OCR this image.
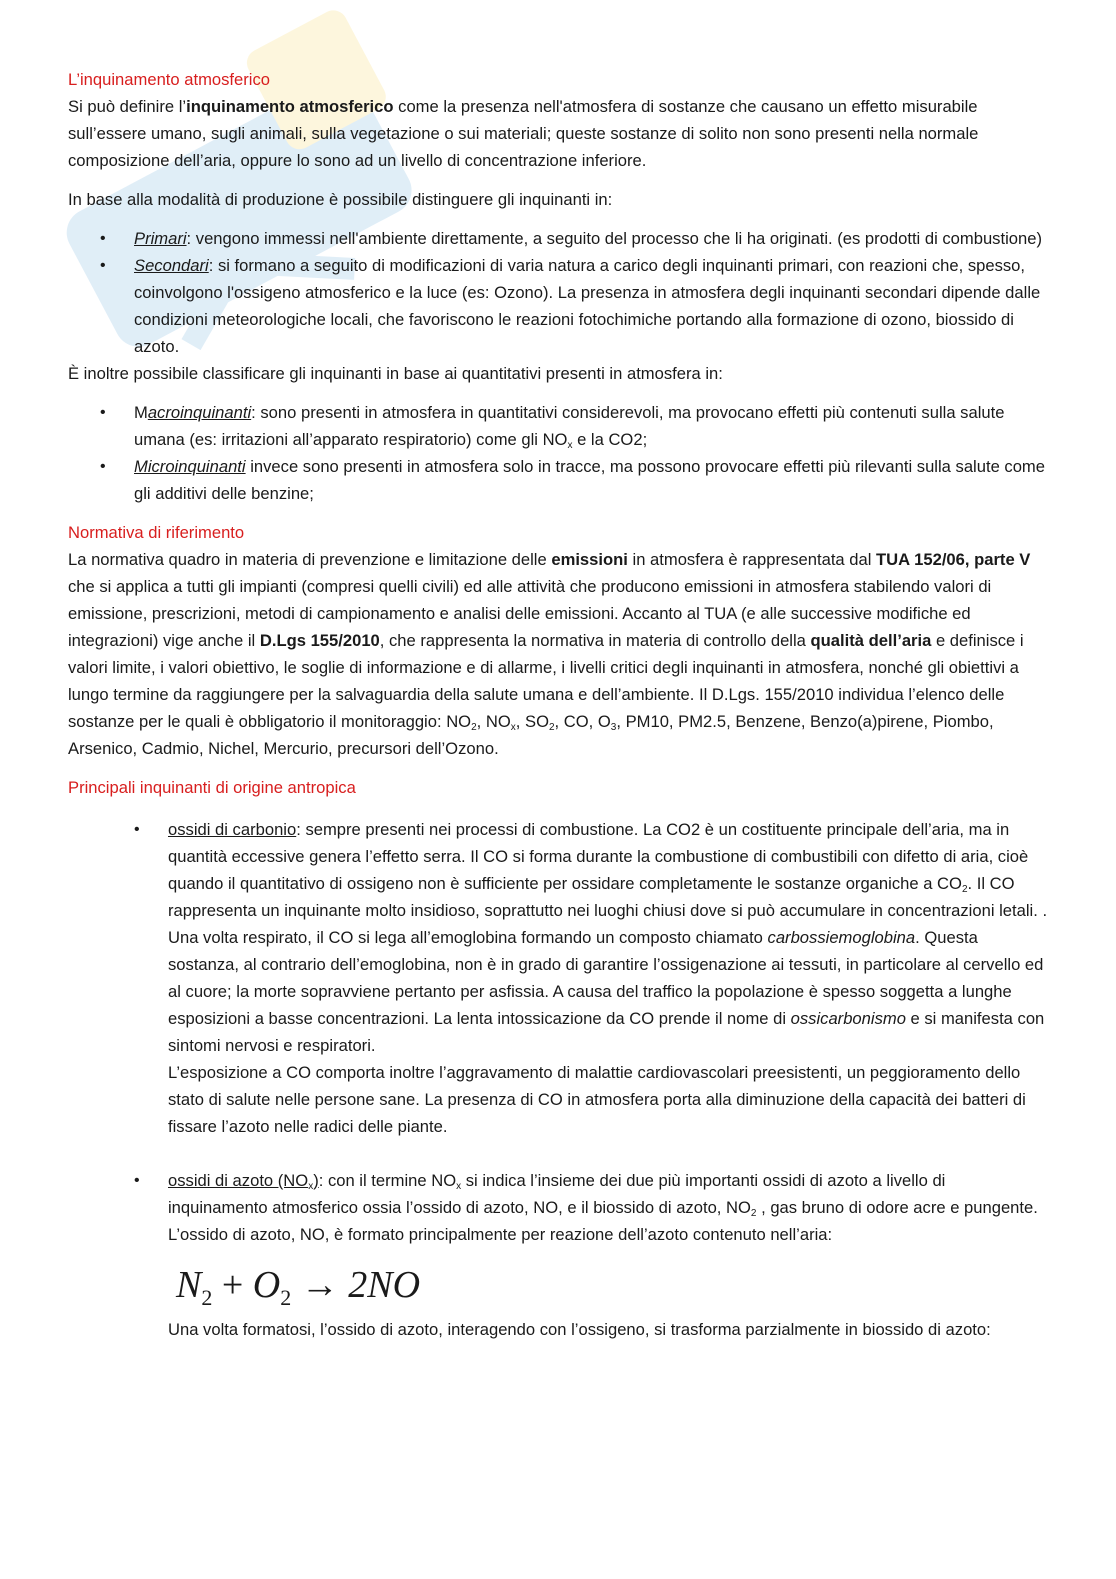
L’inquinamento atmosferico

Si può definire l’inquinamento atmosferico come la presenza nell'atmosfera di sostanze che causano un effetto misurabile sull’essere umano, sugli animali, sulla vegetazione o sui materiali; queste sostanze di solito non sono presenti nella normale composizione dell’aria, oppure lo sono ad un livello di concentrazione inferiore.

In base alla modalità di produzione è possibile distinguere gli inquinanti in:

• Primari: vengono immessi nell'ambiente direttamente, a seguito del processo che li ha originati. (es prodotti di combustione)
• Secondari: si formano a seguito di modificazioni di varia natura a carico degli inquinanti primari, con reazioni che, spesso, coinvolgono l'ossigeno atmosferico e la luce (es: Ozono). La presenza in atmosfera degli inquinanti secondari dipende dalle condizioni meteorologiche locali, che favoriscono le reazioni fotochimiche portando alla formazione di ozono, biossido di azoto.

È inoltre possibile classificare gli inquinanti in base ai quantitativi presenti in atmosfera in:

• Macroinquinanti: sono presenti in atmosfera in quantitativi considerevoli, ma provocano effetti più contenuti sulla salute umana (es: irritazioni all’apparato respiratorio) come gli $NO_x$ e la CO2;
• Microinquinanti invece sono presenti in atmosfera solo in tracce, ma possono provocare effetti più rilevanti sulla salute come gli additivi delle benzine;

Normativa di riferimento

La normativa quadro in materia di prevenzione e limitazione delle emissioni in atmosfera è rappresentata dal TUA 152/06, parte V che si applica a tutti gli impianti (compresi quelli civili) ed alle attività che producono emissioni in atmosfera stabilendo valori di emissione, prescrizioni, metodi di campionamento e analisi delle emissioni. Accanto al TUA (e alle successive modifiche ed integrazioni) vige anche il D.Lgs 155/2010, che rappresenta la normativa in materia di controllo della qualità dell’aria e definisce i valori limite, i valori obiettivo, le soglie di informazione e di allarme, i livelli critici degli inquinanti in atmosfera, nonché gli obiettivi a lungo termine da raggiungere per la salvaguardia della salute umana e dell’ambiente. Il D.Lgs. 155/2010 individua l’elenco delle sostanze per le quali è obbligatorio il monitoraggio: $NO_2$, $NO_x$, $SO_2$, CO, $O_3$, PM10, PM2.5, Benzene, Benzo(a)pirene, Piombo, Arsenico, Cadmio, Nichel, Mercurio, precursori dell’Ozono.

Principali inquinanti di origine antropica

• ossidi di carbonio: sempre presenti nei processi di combustione. La CO2 è un costituente principale dell’aria, ma in quantità eccessive genera l’effetto serra. Il CO si forma durante la combustione di combustibili con difetto di aria, cioè quando il quantitativo di ossigeno non è sufficiente per ossidare completamente le sostanze organiche a $CO_2$. Il CO rappresenta un inquinante molto insidioso, soprattutto nei luoghi chiusi dove si può accumulare in concentrazioni letali. . Una volta respirato, il CO si lega all’emoglobina formando un composto chiamato carbossiemoglobina. Questa sostanza, al contrario dell’emoglobina, non è in grado di garantire l’ossigenazione ai tessuti, in particolare al cervello ed al cuore; la morte sopravviene pertanto per asfissia. A causa del traffico la popolazione è spesso soggetta a lunghe esposizioni a basse concentrazioni. La lenta intossicazione da CO prende il nome di ossicarbonismo e si manifesta con sintomi nervosi e respiratori.
L’esposizione a CO comporta inoltre l’aggravamento di malattie cardiovascolari preesistenti, un peggioramento dello stato di salute nelle persone sane. La presenza di CO in atmosfera porta alla diminuzione della capacità dei batteri di fissare l’azoto nelle radici delle piante.
• ossidi di azoto $(NO_x)$: con il termine $NO_x$ si indica l’insieme dei due più importanti ossidi di azoto a livello di inquinamento atmosferico ossia l’ossido di azoto, NO, e il biossido di azoto, $NO_2$ , gas bruno di odore acre e pungente. L’ossido di azoto, NO, è formato principalmente per reazione dell’azoto contenuto nell’aria:
$N_2 + O_2 \to 2NO$

Una volta formatosi, l’ossido di azoto, interagendo con l’ossigeno, si trasforma parzialmente in biossido di azoto:
